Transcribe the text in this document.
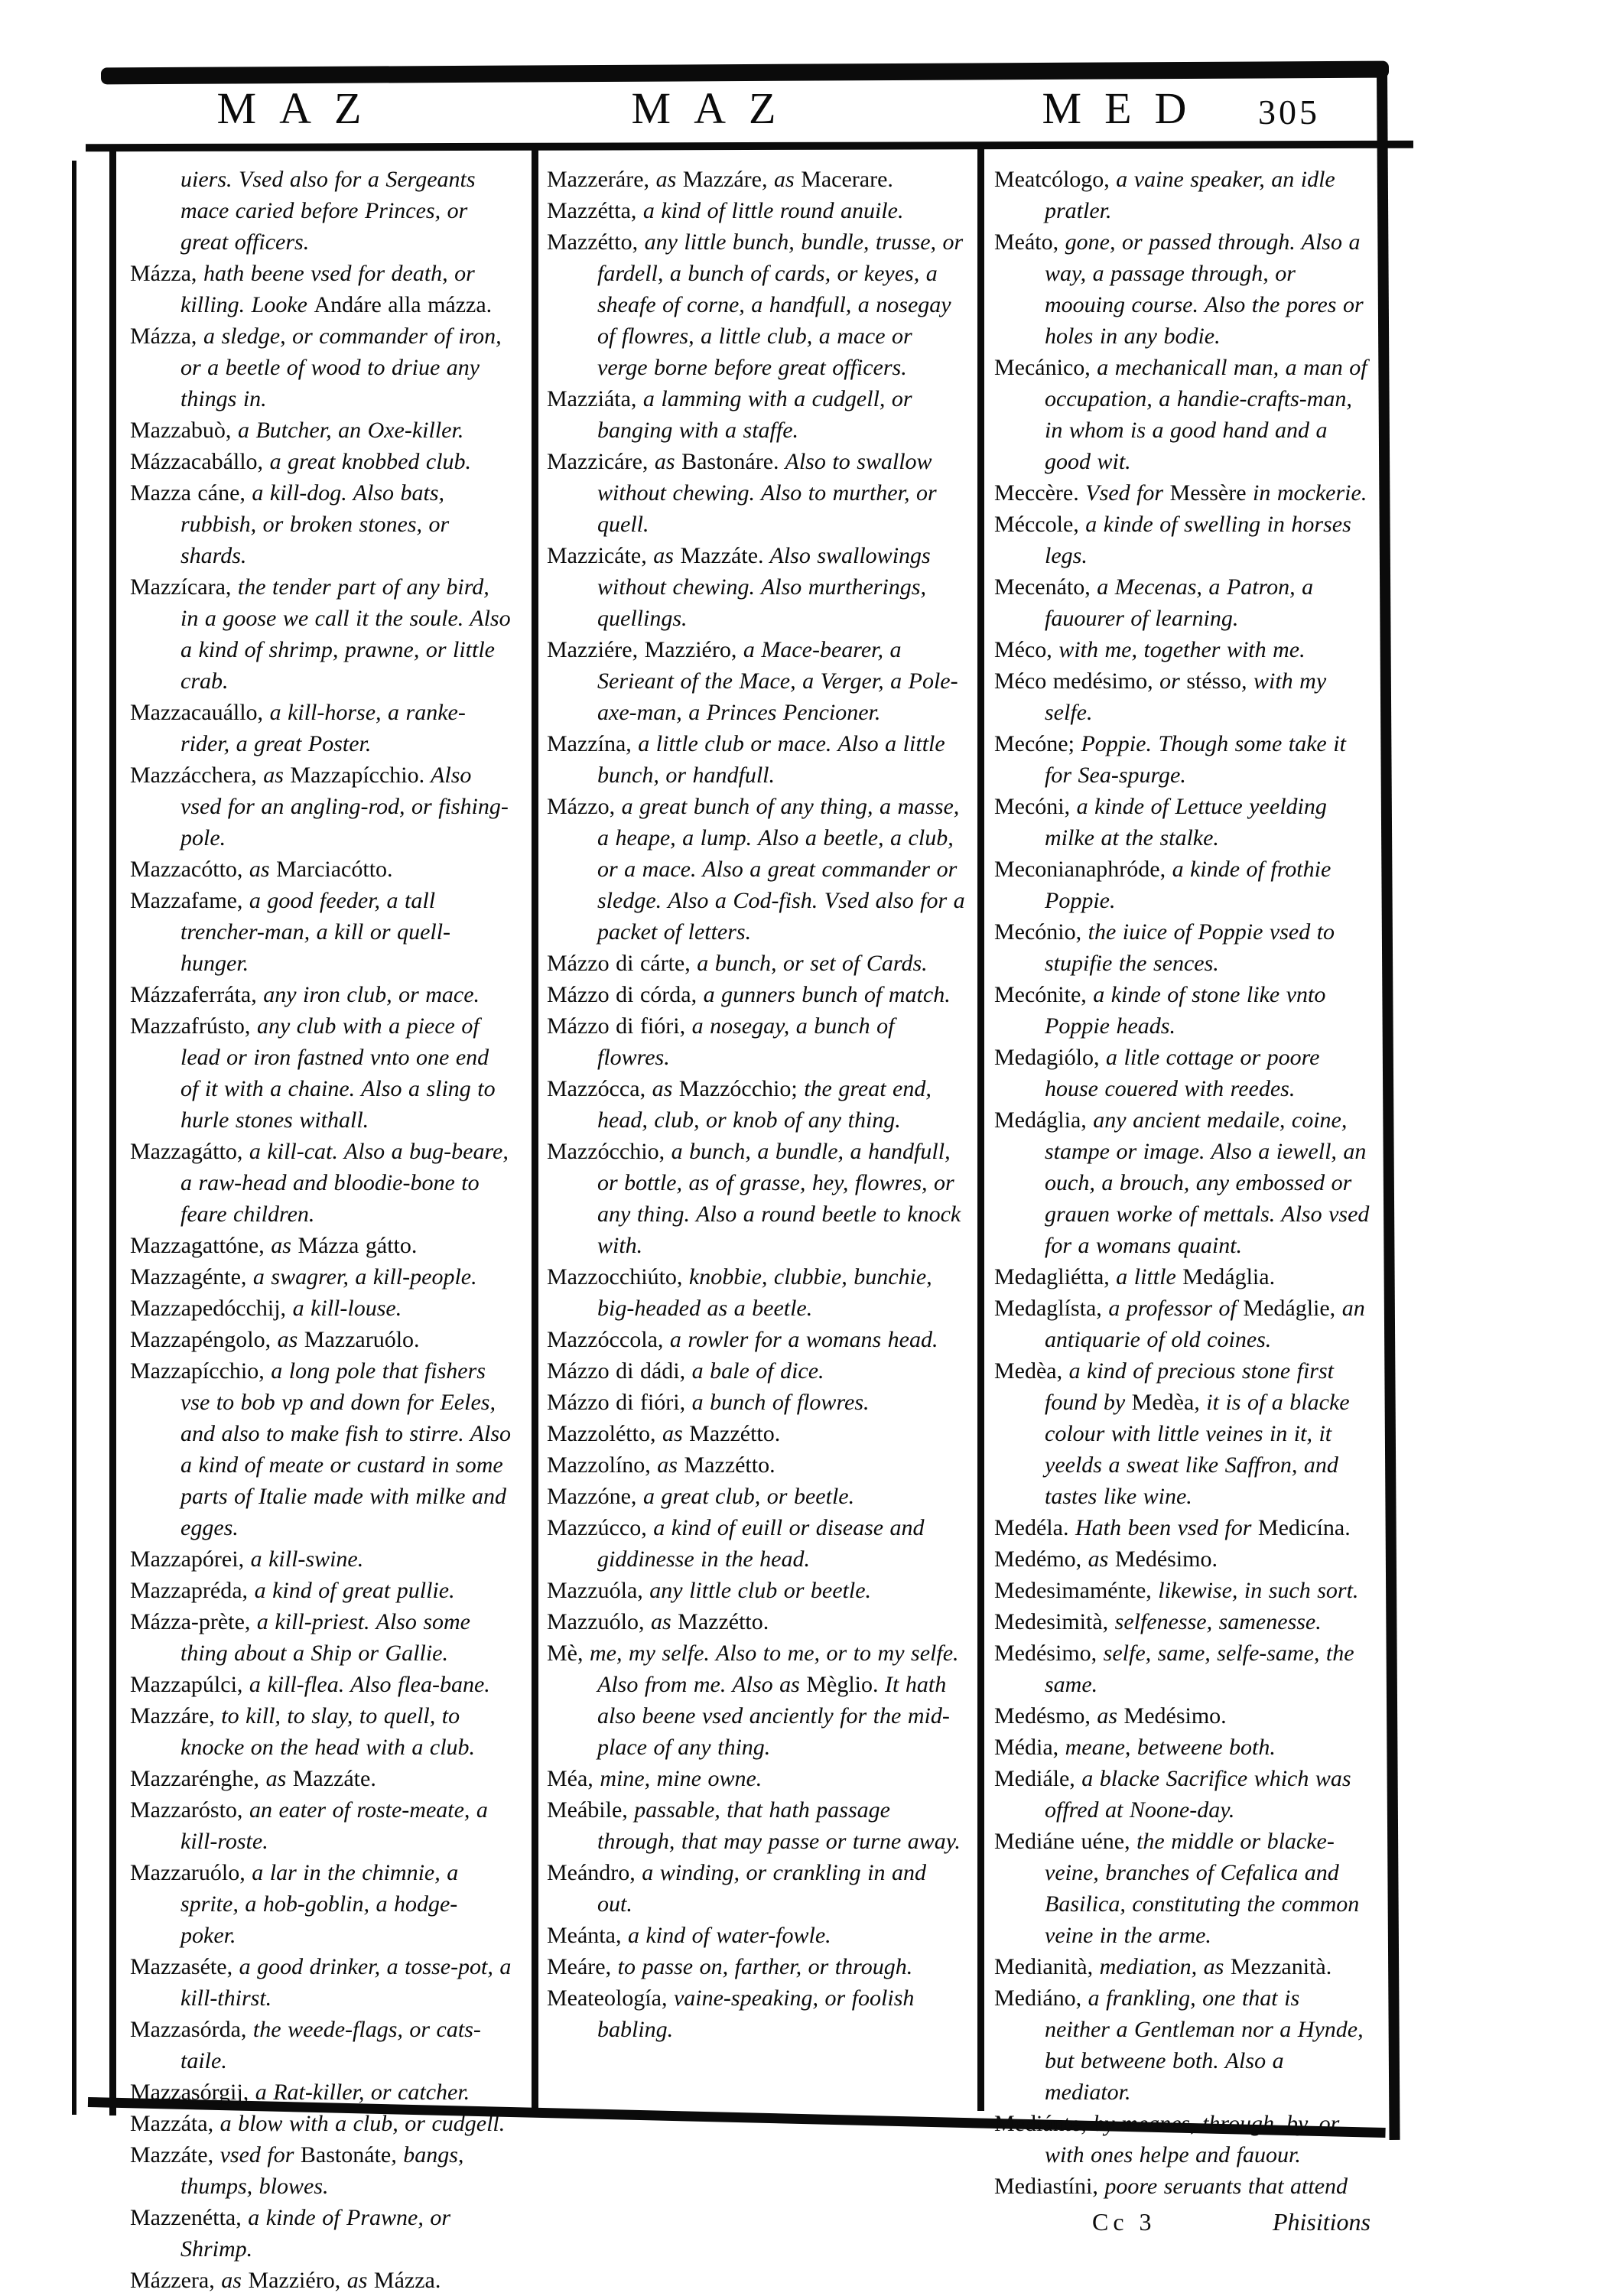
MAZ	MAZ	MED 305
uiers. Vsed also for a Sergeants mace caried before Princes, or great officers.
Mázza, hath beene vsed for death, or killing. Looke Andáre alla mázza.
Mázza, a sledge, or commander of iron, or a beetle of wood to driue any things in.
Mazzabuò, a Butcher, an Oxe-killer.
Mázzacabállo, a great knobbed club.
Mazza cáne, a kill-dog. Also bats, rubbish, or broken stones, or shards.
Mazzícara, the tender part of any bird, in a goose we call it the soule. Also a kind of shrimp, prawne, or little crab.
Mazzacauállo, a kill-horse, a ranke-rider, a great Poster.
Mazzácchera, as Mazzapícchio. Also vsed for an angling-rod, or fishing-pole.
Mazzacótto, as Marciacótto.
Mazzafame, a good feeder, a tall trencher-man, a kill or quell-hunger.
Mázzaferráta, any iron club, or mace.
Mazzafrústo, any club with a piece of lead or iron fastned vnto one end of it with a chaine. Also a sling to hurle stones withall.
Mazzagátto, a kill-cat. Also a bug-beare, a raw-head and bloodie-bone to feare children.
Mazzagattóne, as Mázza gátto.
Mazzagénte, a swagrer, a kill-people.
Mazzapedócchij, a kill-louse.
Mazzapéngolo, as Mazzaruólo.
Mazzapícchio, a long pole that fishers vse to bob vp and down for Eeles, and also to make fish to stirre. Also a kind of meate or custard in some parts of Italie made with milke and egges.
Mazzapórei, a kill-swine.
Mazzapréda, a kind of great pullie.
Mázza-prète, a kill-priest. Also some thing about a Ship or Gallie.
Mazzapúlci, a kill-flea. Also flea-bane.
Mazzáre, to kill, to slay, to quell, to knocke on the head with a club.
Mazzarénghe, as Mazzáte.
Mazzarósto, an eater of roste-meate, a kill-roste.
Mazzaruólo, a lar in the chimnie, a sprite, a hob-goblin, a hodge-poker.
Mazzaséte, a good drinker, a tosse-pot, a kill-thirst.
Mazzasórda, the weede-flags, or cats-taile.
Mazzasórgij, a Rat-killer, or catcher.
Mazzáta, a blow with a club, or cudgell.
Mazzáte, vsed for Bastonáte, bangs, thumps, blowes.
Mazzenétta, a kinde of Prawne, or Shrimp.
Mázzera, as Mazziéro, as Mázza.
Mazzeráre, as Mazzáre, as Macerare.
Mazzétta, a kind of little round anuile.
Mazzétto, any little bunch, bundle, trusse, or fardell, a bunch of cards, or keyes, a sheafe of corne, a handfull, a nosegay of flowres, a little club, a mace or verge borne before great officers.
Mazziáta, a lamming with a cudgell, or banging with a staffe.
Mazzicáre, as Bastonáre. Also to swallow without chewing. Also to murther, or quell.
Mazzicáte, as Mazzáte. Also swallowings without chewing. Also murtherings, quellings.
Mazziére, Mazziéro, a Mace-bearer, a Serieant of the Mace, a Verger, a Pole-axe-man, a Princes Pencioner.
Mazzína, a little club or mace. Also a little bunch, or handfull.
Mázzo, a great bunch of any thing, a masse, a heape, a lump. Also a beetle, a club, or a mace. Also a great commander or sledge. Also a Cod-fish. Vsed also for a packet of letters.
Mázzo di cárte, a bunch, or set of Cards.
Mázzo di córda, a gunners bunch of match.
Mázzo di fióri, a nosegay, a bunch of flowres.
Mazzócca, as Mazzócchio; the great end, head, club, or knob of any thing.
Mazzócchio, a bunch, a bundle, a handfull, or bottle, as of grasse, hey, flowres, or any thing. Also a round beetle to knock with.
Mazzocchiúto, knobbie, clubbie, bunchie, big-headed as a beetle.
Mazzóccola, a rowler for a womans head.
Mázzo di dádi, a bale of dice.
Mázzo di fióri, a bunch of flowres.
Mazzolétto, as Mazzétto.
Mazzolíno, as Mazzétto.
Mazzóne, a great club, or beetle.
Mazzúcco, a kind of euill or disease and giddinesse in the head.
Mazzuóla, any little club or beetle.
Mazzuólo, as Mazzétto.
Mè, me, my selfe. Also to me, or to my selfe. Also from me. Also as Mèglio. It hath also beene vsed anciently for the mid-place of any thing.
Méa, mine, mine owne.
Meábile, passable, that hath passage through, that may passe or turne away.
Meándro, a winding, or crankling in and out.
Meánta, a kind of water-fowle.
Meáre, to passe on, farther, or through.
Meateología, vaine-speaking, or foolish babling.
Meatcólogo, a vaine speaker, an idle pratler.
Meáto, gone, or passed through. Also a way, a passage through, or moouing course. Also the pores or holes in any bodie.
Mecánico, a mechanicall man, a man of occupation, a handie-crafts-man, in whom is a good hand and a good wit.
Meccère. Vsed for Messère in mockerie.
Méccole, a kinde of swelling in horses legs.
Mecenáto, a Mecenas, a Patron, a fauourer of learning.
Méco, with me, together with me.
Méco medésimo, or stésso, with my selfe.
Mecóne; Poppie. Though some take it for Sea-spurge.
Mecóni, a kinde of Lettuce yeelding milke at the stalke.
Meconianaphróde, a kinde of frothie Poppie.
Mecónio, the iuice of Poppie vsed to stupifie the sences.
Mecónite, a kinde of stone like vnto Poppie heads.
Medagiólo, a litle cottage or poore house couered with reedes.
Medáglia, any ancient medaile, coine, stampe or image. Also a iewell, an ouch, a brouch, any embossed or grauen worke of mettals. Also vsed for a womans quaint.
Medagliétta, a little Medáglia.
Medaglísta, a professor of Medáglie, an antiquarie of old coines.
Medèa, a kind of precious stone first found by Medèa, it is of a blacke colour with little veines in it, it yeelds a sweat like Saffron, and tastes like wine.
Medéla. Hath been vsed for Medicína.
Medémo, as Medésimo.
Medesimaménte, likewise, in such sort.
Medesimità, selfenesse, samenesse.
Medésimo, selfe, same, selfe-same, the same.
Medésmo, as Medésimo.
Média, meane, betweene both.
Mediále, a blacke Sacrifice which was offred at Noone-day.
Mediáne uéne, the middle or blacke-veine, branches of Cefalica and Basilica, constituting the common veine in the arme.
Medianità, mediation, as Mezzanità.
Mediáno, a frankling, one that is neither a Gentleman nor a Hynde, but betweene both. Also a mediator.
Mediánte, by meanes, through, by, or with ones helpe and fauour.
Mediastíni, poore seruants that attend
Cc 3	Phisitions
